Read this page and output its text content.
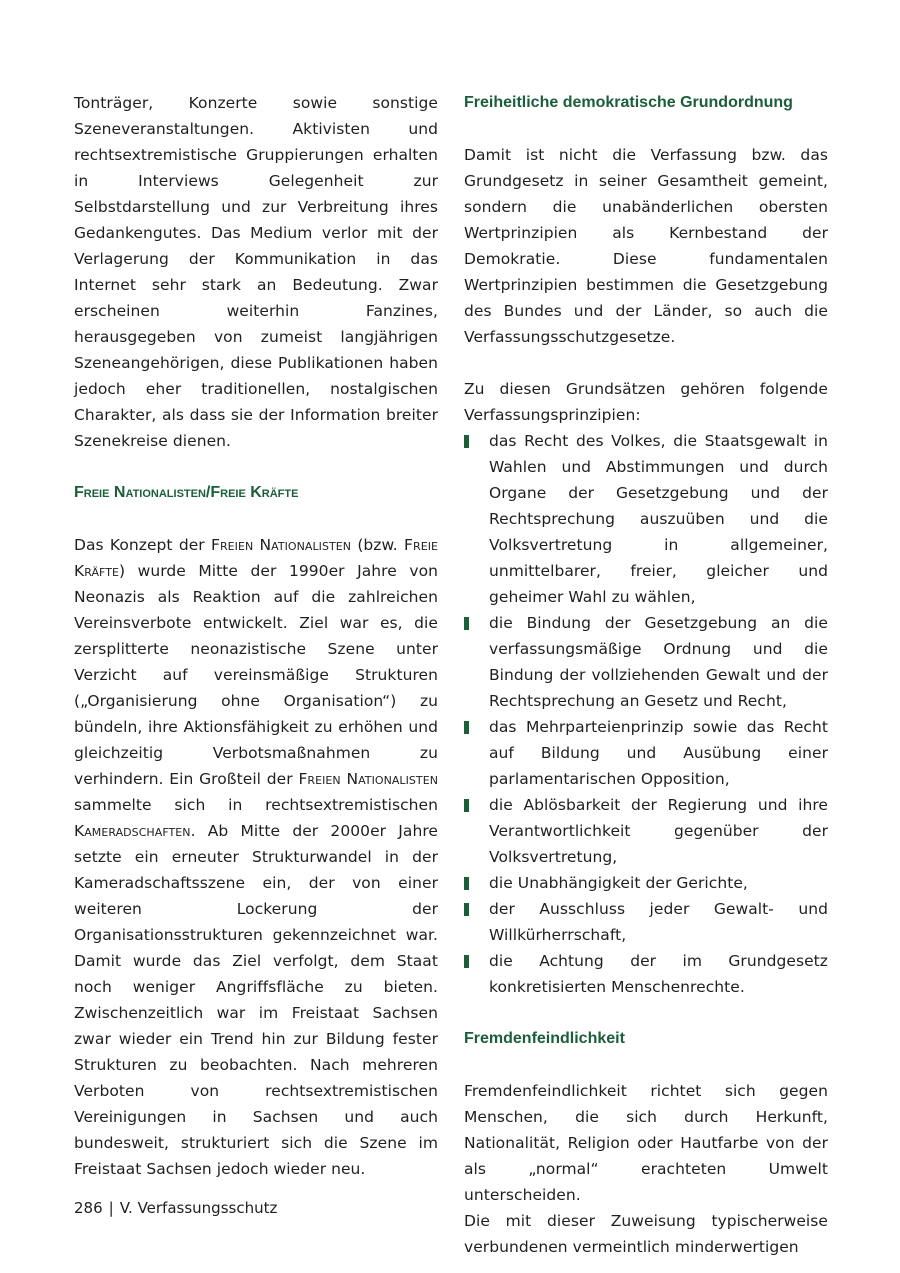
Tonträger, Konzerte sowie sonstige Szeneveranstaltungen. Aktivisten und rechtsextremistische Gruppierungen erhalten in Interviews Gelegenheit zur Selbstdarstellung und zur Verbreitung ihres Gedankengutes. Das Medium verlor mit der Verlagerung der Kommunikation in das Internet sehr stark an Bedeutung. Zwar erscheinen weiterhin Fanzines, herausgegeben von zumeist langjährigen Szeneangehörigen, diese Publikationen haben jedoch eher traditionellen, nostalgischen Charakter, als dass sie der Information breiter Szenekreise dienen.

Freie Nationalisten/Freie Kräfte

Das Konzept der Freien Nationalisten (bzw. Freie Kräfte) wurde Mitte der 1990er Jahre von Neonazis als Reaktion auf die zahlreichen Vereinsverbote entwickelt. Ziel war es, die zersplitterte neonazistische Szene unter Verzicht auf vereinsmäßige Strukturen („Organisierung ohne Organisation“) zu bündeln, ihre Aktionsfähigkeit zu erhöhen und gleichzeitig Verbotsmaßnahmen zu verhindern. Ein Großteil der Freien Nationalisten sammelte sich in rechtsextremistischen Kameradschaften. Ab Mitte der 2000er Jahre setzte ein erneuter Strukturwandel in der Kameradschaftsszene ein, der von einer weiteren Lockerung der Organisationsstrukturen gekennzeichnet war. Damit wurde das Ziel verfolgt, dem Staat noch weniger Angriffsfläche zu bieten. Zwischenzeitlich war im Freistaat Sachsen zwar wieder ein Trend hin zur Bildung fester Strukturen zu beobachten. Nach mehreren Verboten von rechtsextremistischen Vereinigungen in Sachsen und auch bundesweit, strukturiert sich die Szene im Freistaat Sachsen jedoch wieder neu.

Freiheitliche demokratische Grundordnung

Damit ist nicht die Verfassung bzw. das Grundgesetz in seiner Gesamtheit gemeint, sondern die unabänderlichen obersten Wertprinzipien als Kernbestand der Demokratie. Diese fundamentalen Wertprinzipien bestimmen die Gesetzgebung des Bundes und der Länder, so auch die Verfassungsschutzgesetze.

Zu diesen Grundsätzen gehören folgende Verfassungsprinzipien:

das Recht des Volkes, die Staatsgewalt in Wahlen und Abstimmungen und durch Organe der Gesetzgebung und der Rechtsprechung auszuüben und die Volksvertretung in allgemeiner, unmittelbarer, freier, gleicher und geheimer Wahl zu wählen,
die Bindung der Gesetzgebung an die verfassungsmäßige Ordnung und die Bindung der vollziehenden Gewalt und der Rechtsprechung an Gesetz und Recht,
das Mehrparteienprinzip sowie das Recht auf Bildung und Ausübung einer parlamentarischen Opposition,
die Ablösbarkeit der Regierung und ihre Verantwortlichkeit gegenüber der Volksvertretung,
die Unabhängigkeit der Gerichte,
der Ausschluss jeder Gewalt- und Willkürherrschaft,
die Achtung der im Grundgesetz konkretisierten Menschenrechte.
Fremdenfeindlichkeit

Fremdenfeindlichkeit richtet sich gegen Menschen, die sich durch Herkunft, Nationalität, Religion oder Hautfarbe von der als „normal“ erachteten Umwelt unterscheiden.

Die mit dieser Zuweisung typischerweise verbundenen vermeintlich minderwertigen

286 | V. Verfassungsschutz
